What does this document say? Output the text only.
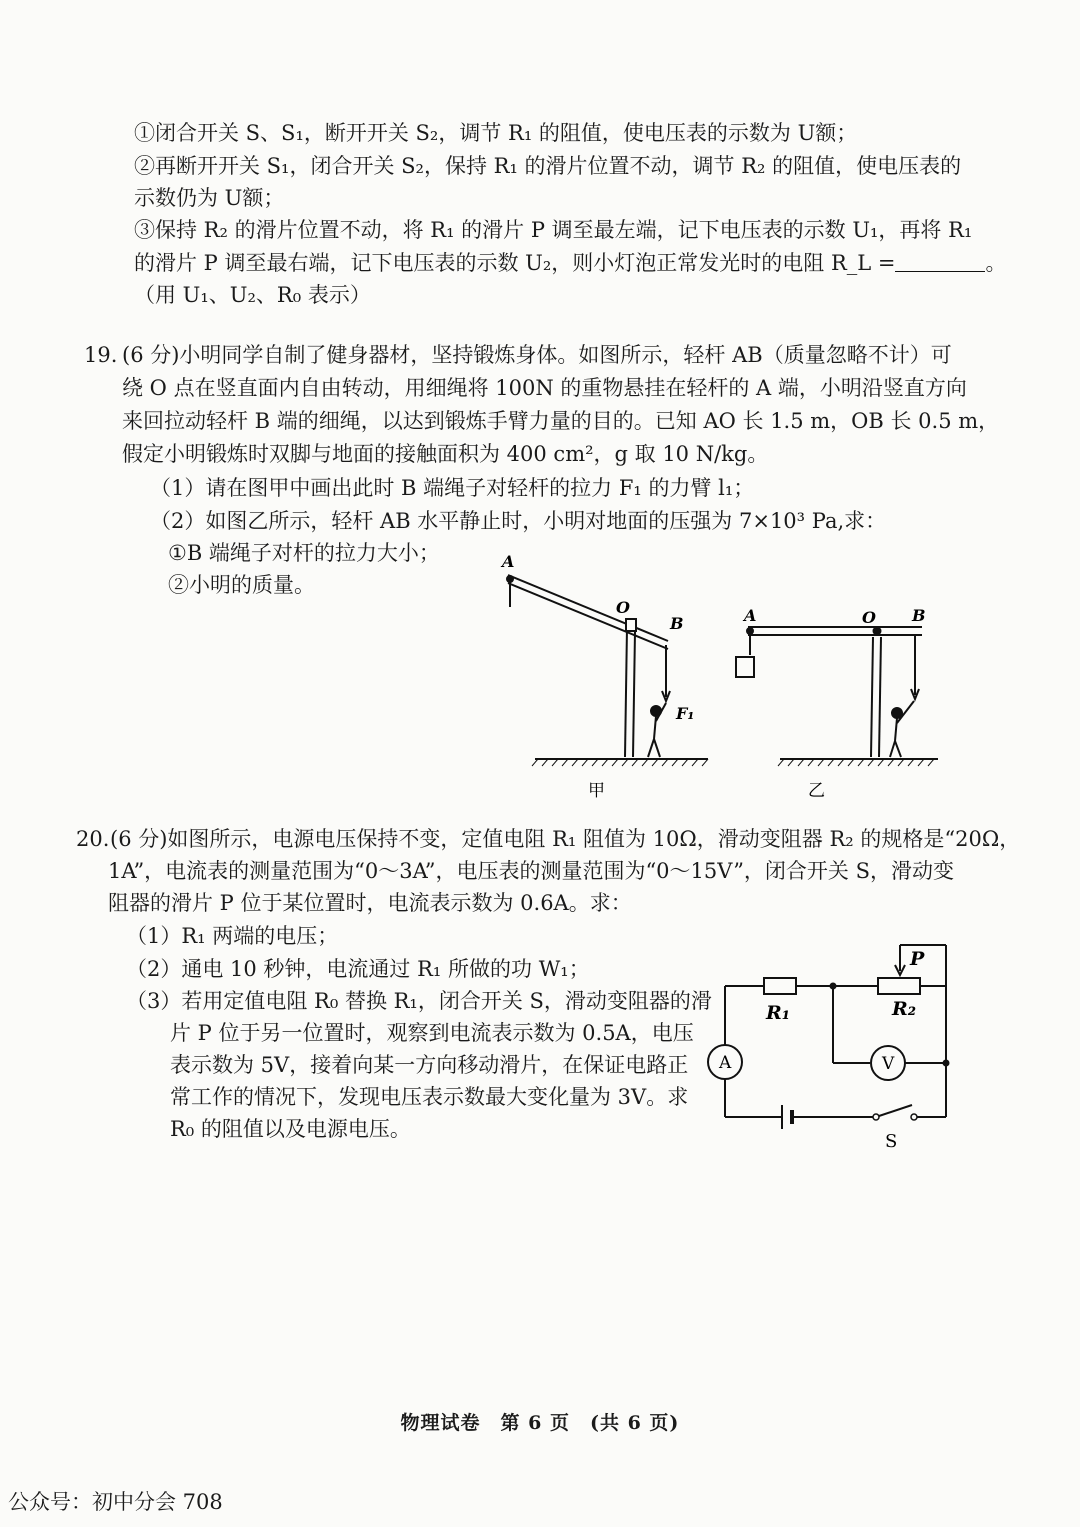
①闭合开关 S、S₁，断开开关 S₂，调节 R₁ 的阻值，使电压表的示数为 U额；
②再断开开关 S₁，闭合开关 S₂，保持 R₁ 的滑片位置不动，调节 R₂ 的阻值，使电压表的
示数仍为 U额；
③保持 R₂ 的滑片位置不动，将 R₁ 的滑片 P 调至最左端，记下电压表的示数 U₁，再将 R₁
的滑片 P 调至最右端，记下电压表的示数 U₂，则小灯泡正常发光时的电阻 R_L =	。
（用 U₁、U₂、R₀ 表示）
19. (6 分)小明同学自制了健身器材，坚持锻炼身体。如图所示，轻杆 AB（质量忽略不计）可
绕 O 点在竖直面内自由转动，用细绳将 100N 的重物悬挂在轻杆的 A 端，小明沿竖直方向
来回拉动轻杆 B 端的细绳，以达到锻炼手臂力量的目的。已知 AO 长 1.5 m，OB 长 0.5 m，
假定小明锻炼时双脚与地面的接触面积为 400 cm²，g 取 10 N/kg。
（1）请在图甲中画出此时 B 端绳子对轻杆的拉力 F₁ 的力臂 l₁；
（2）如图乙所示，轻杆 AB 水平静止时，小明对地面的压强为 7×10³ Pa,求：
①B 端绳子对杆的拉力大小；
②小明的质量。
A
O
B
F₁
甲
A	O B
乙
20. (6 分)如图所示，电源电压保持不变，定值电阻 R₁ 阻值为 10Ω，滑动变阻器 R₂ 的规格是“20Ω，
1A”，电流表的测量范围为“0～3A”，电压表的测量范围为“0～15V”，闭合开关 S，滑动变
阻器的滑片 P 位于某位置时，电流表示数为 0.6A。求：
（1）R₁ 两端的电压；
（2）通电 10 秒钟，电流通过 R₁ 所做的功 W₁；
（3）若用定值电阻 R₀ 替换 R₁，闭合开关 S，滑动变阻器的滑
片 P 位于另一位置时，观察到电流表示数为 0.5A，电压
表示数为 5V，接着向某一方向移动滑片，在保证电路正
常工作的情况下，发现电压表示数最大变化量为 3V。求
R₀ 的阻值以及电源电压。
R₁	R₂
P
A	V
S
物理试卷　第 6 页　(共 6 页)
公众号：初中分会 708
